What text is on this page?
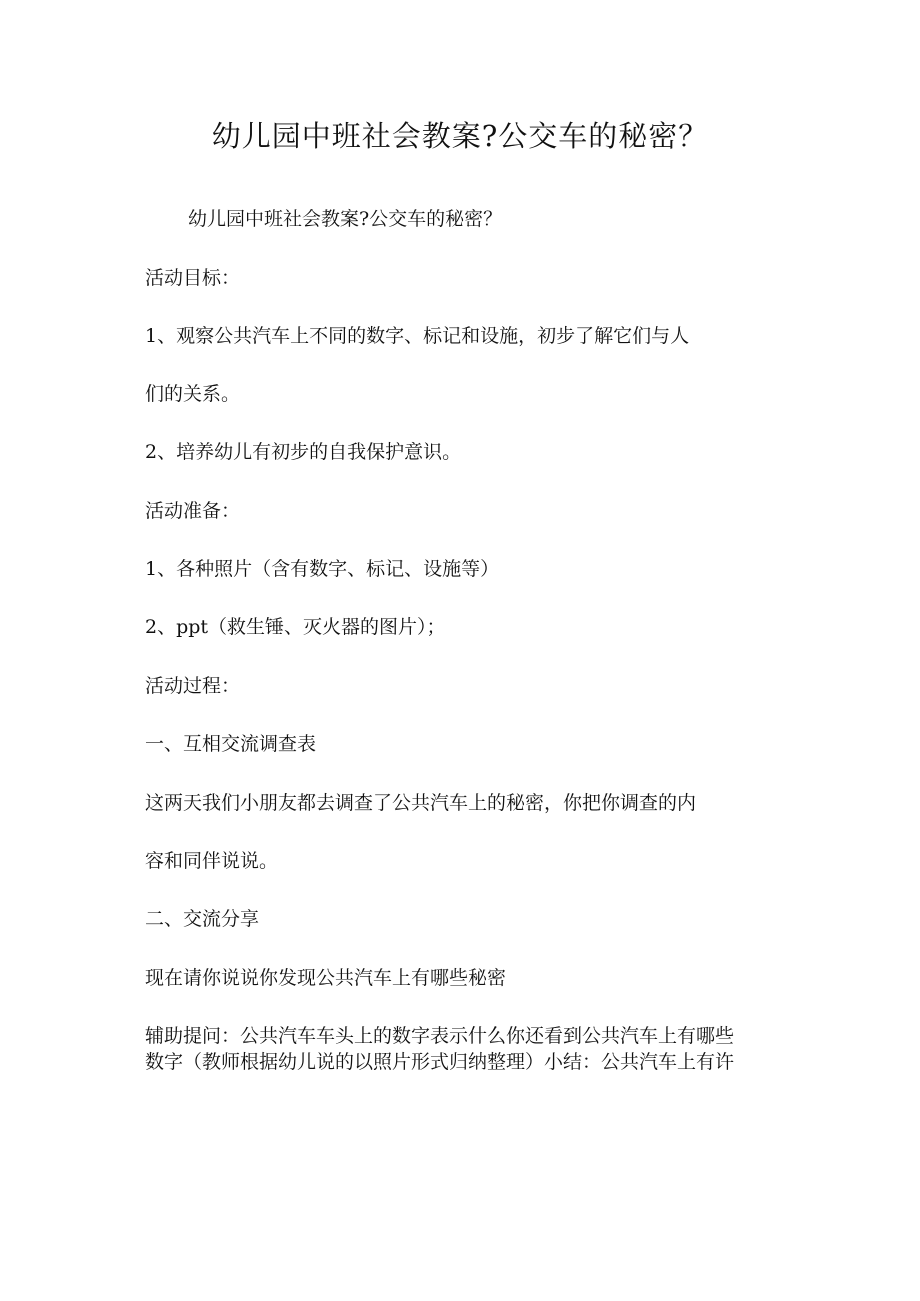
幼儿园中班社会教案?公交车的秘密？
幼儿园中班社会教案?公交车的秘密？
活动目标：
1、观察公共汽车上不同的数字、标记和设施，初步了解它们与人
们的关系。
2、培养幼儿有初步的自我保护意识。
活动准备：
1、各种照片（含有数字、标记、设施等）
2、ppt（救生锤、灭火器的图片）；
活动过程：
一、互相交流调查表
这两天我们小朋友都去调查了公共汽车上的秘密，你把你调查的内
容和同伴说说。
二、交流分享
现在请你说说你发现公共汽车上有哪些秘密
辅助提问：公共汽车车头上的数字表示什么你还看到公共汽车上有哪些
数字（教师根据幼儿说的以照片形式归纳整理）小结：公共汽车上有许
